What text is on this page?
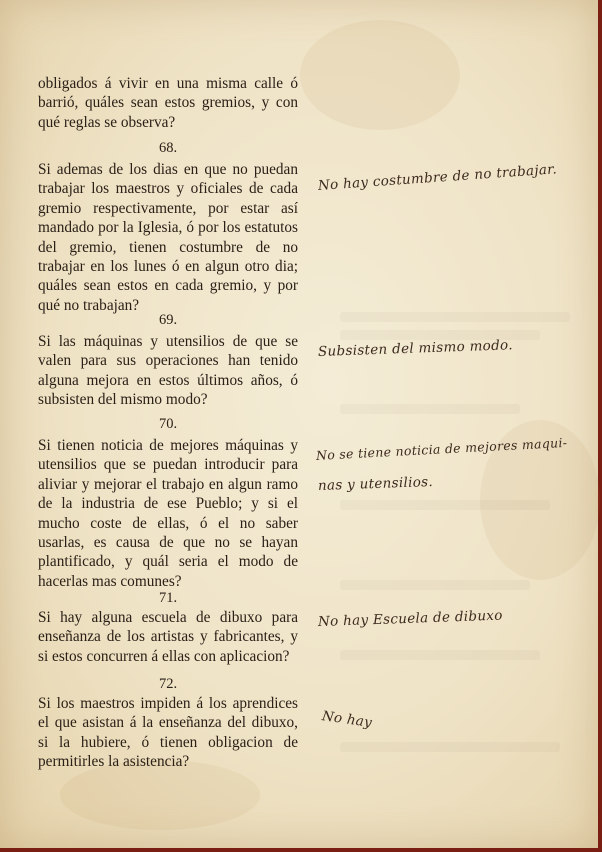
obligados á vivir en una misma calle ó barrió, quáles sean estos gremios, y con qué reglas se observa?
68.
Si ademas de los dias en que no puedan trabajar los maestros y oficiales de cada gremio respectivamente, por estar así mandado por la Iglesia, ó por los estatutos del gremio, tienen costumbre de no trabajar en los lunes ó en algun otro dia; quáles sean estos en cada gremio, y por qué no trabajan?
69.
Si las máquinas y utensilios de que se valen para sus operaciones han tenido alguna mejora en estos últimos años, ó subsisten del mismo modo?
70.
Si tienen noticia de mejores máquinas y utensilios que se puedan introducir para aliviar y mejorar el trabajo en algun ramo de la industria de ese Pueblo; y si el mucho coste de ellas, ó el no saber usarlas, es causa de que no se hayan plantificado, y quál seria el modo de hacerlas mas comunes?
71.
Si hay alguna escuela de dibuxo para enseñanza de los artistas y fabricantes, y si estos concurren á ellas con aplicacion?
72.
Si los maestros impiden á los aprendices el que asistan á la enseñanza del dibuxo, si la hubiere, ó tienen obligacion de permitirles la asistencia?
No hay costumbre de no trabajar.
Subsisten del mismo modo.
No se tiene noticia de mejores maqui-
nas y utensilios.
No hay Escuela de dibuxo
No hay
